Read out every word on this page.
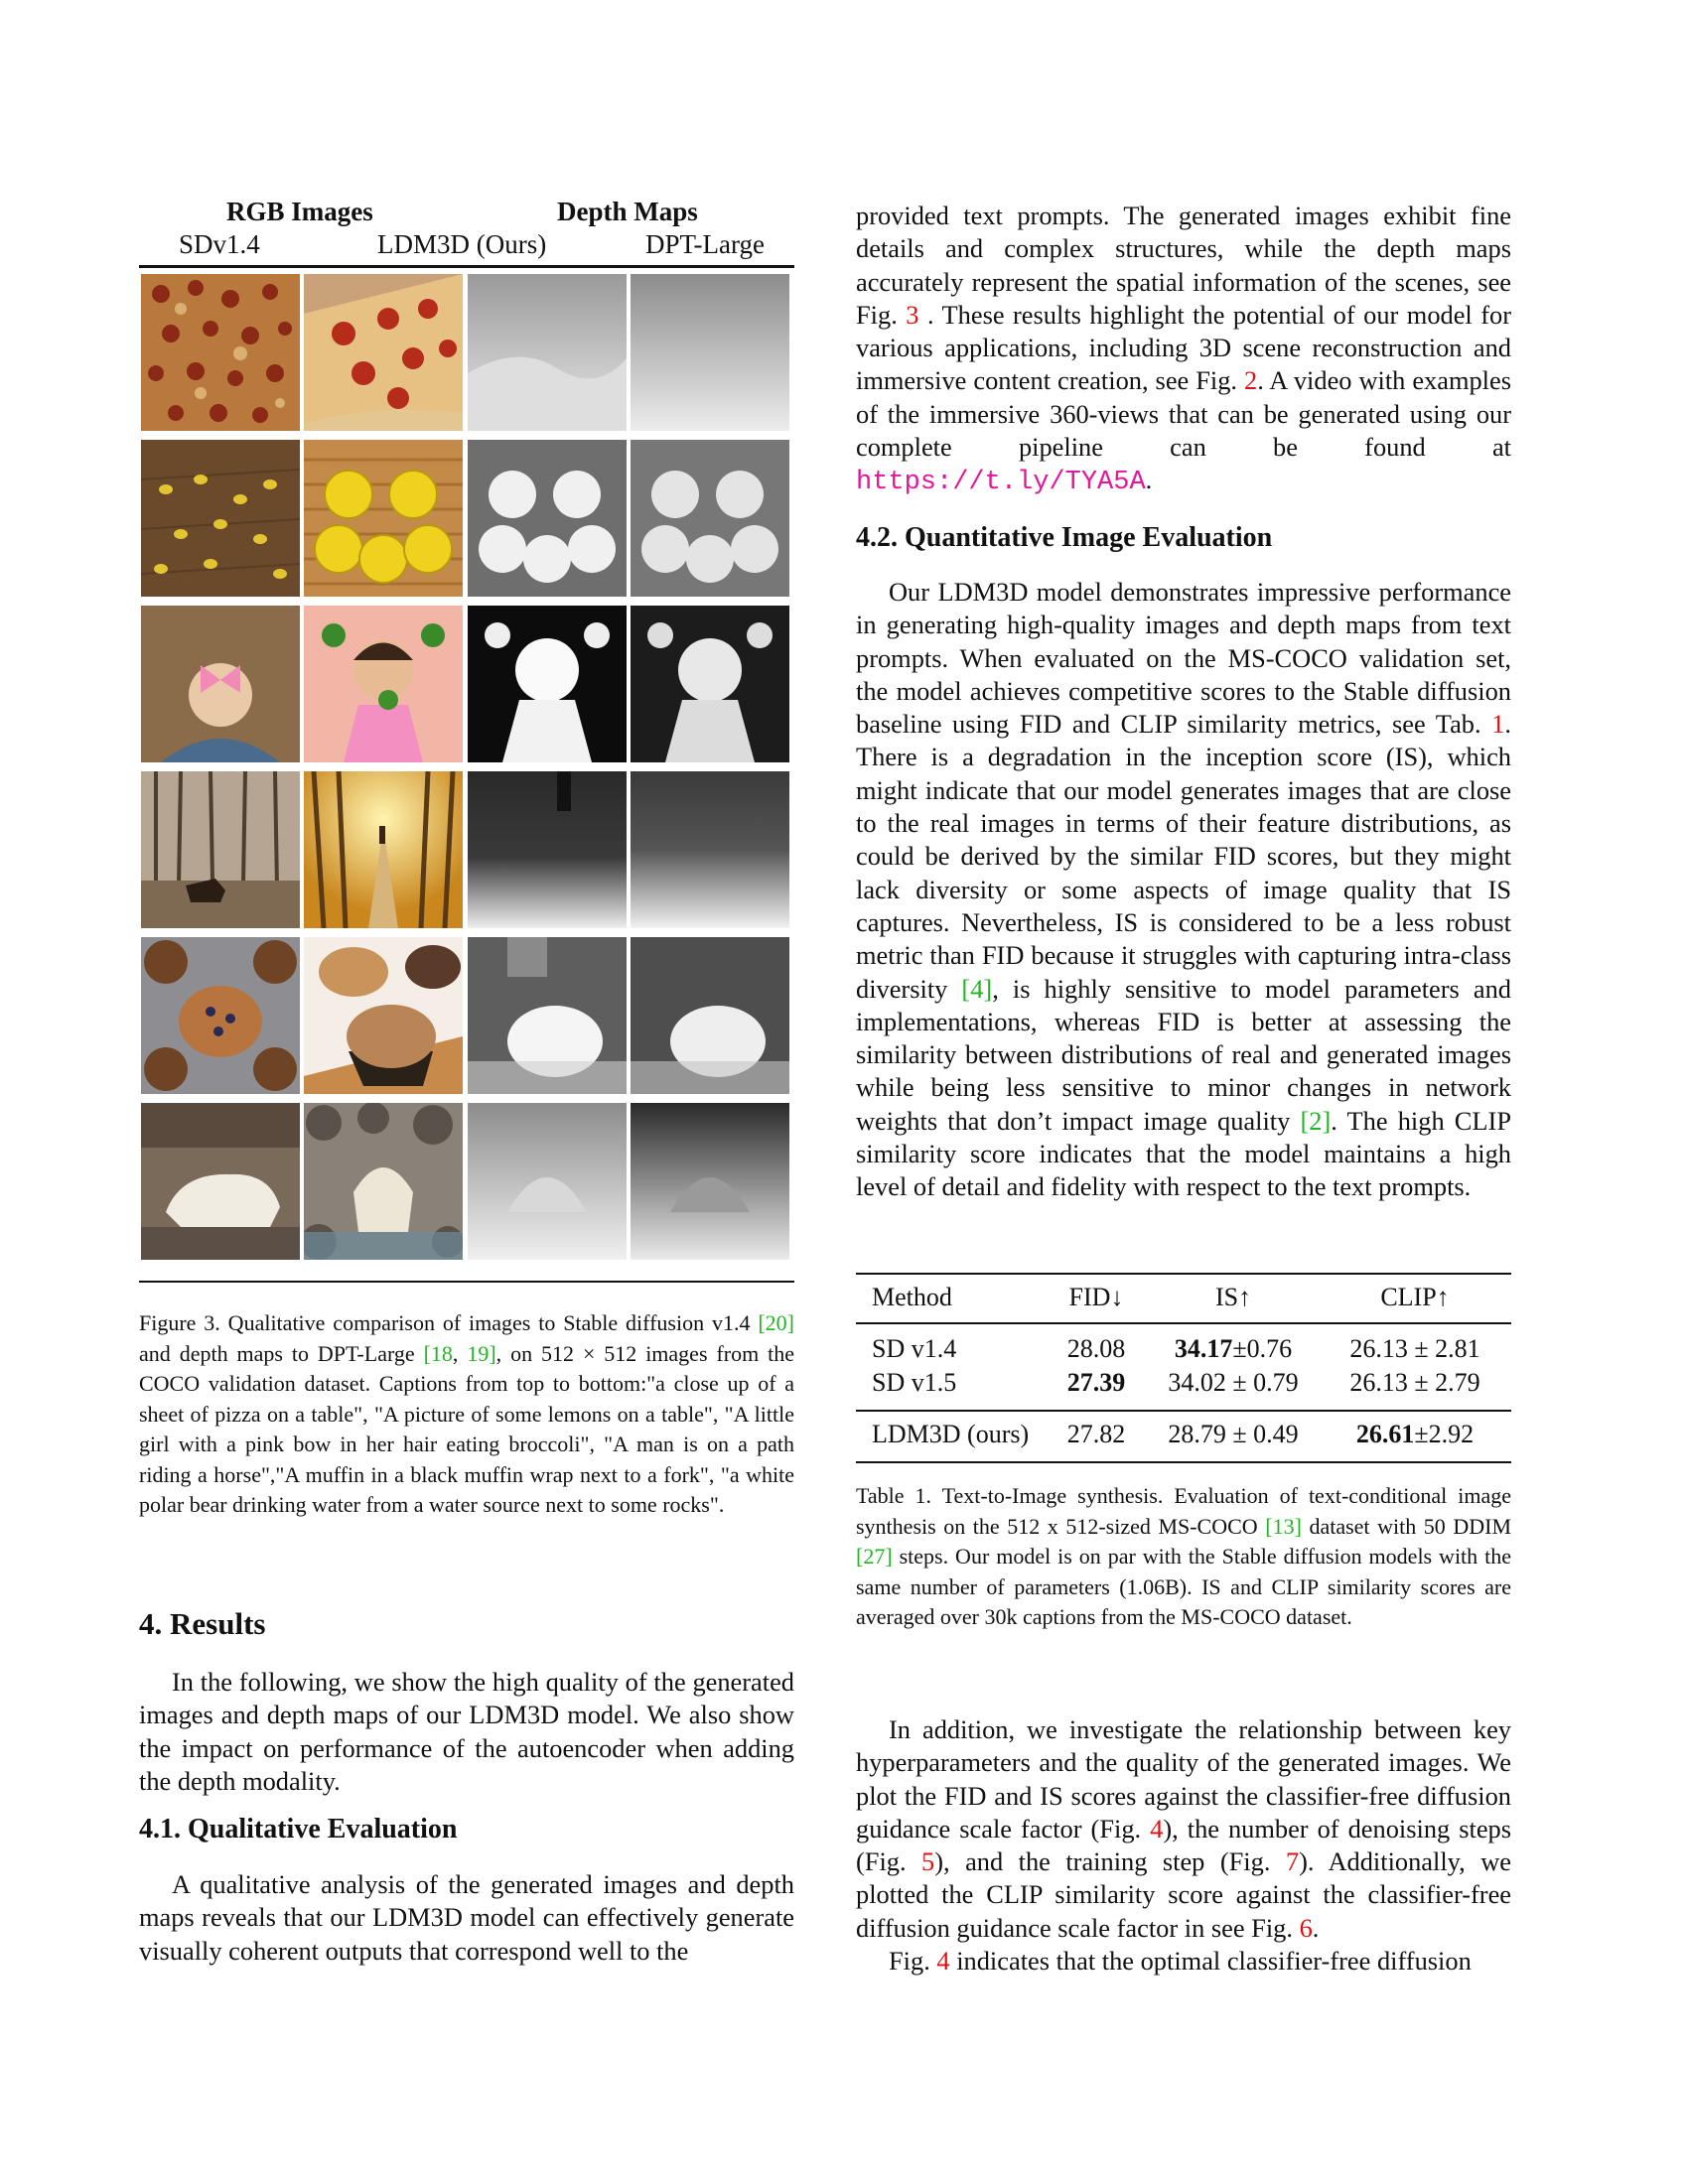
RGB Images	Depth Maps
SDv1.4	LDM3D (Ours)	DPT-Large
Figure 3. Qualitative comparison of images to Stable diffusion v1.4 [20] and depth maps to DPT-Large [18, 19], on 512 × 512 images from the COCO validation dataset. Captions from top to bottom:"a close up of a sheet of pizza on a table", "A picture of some lemons on a table", "A little girl with a pink bow in her hair eating broccoli", "A man is on a path riding a horse","A muffin in a black muffin wrap next to a fork", "a white polar bear drinking water from a water source next to some rocks".
4. Results

In the following, we show the high quality of the generated images and depth maps of our LDM3D model. We also show the impact on performance of the autoencoder when adding the depth modality.

4.1. Qualitative Evaluation

A qualitative analysis of the generated images and depth maps reveals that our LDM3D model can effectively generate visually coherent outputs that correspond well to the

provided text prompts. The generated images exhibit fine details and complex structures, while the depth maps accurately represent the spatial information of the scenes, see Fig. 3 . These results highlight the potential of our model for various applications, including 3D scene reconstruction and immersive content creation, see Fig. 2. A video with examples of the immersive 360-views that can be generated using our complete pipeline can be found at https://t.ly/TYA5A.

4.2. Quantitative Image Evaluation

Our LDM3D model demonstrates impressive performance in generating high-quality images and depth maps from text prompts. When evaluated on the MS-COCO validation set, the model achieves competitive scores to the Stable diffusion baseline using FID and CLIP similarity metrics, see Tab. 1. There is a degradation in the inception score (IS), which might indicate that our model generates images that are close to the real images in terms of their feature distributions, as could be derived by the similar FID scores, but they might lack diversity or some aspects of image quality that IS captures. Nevertheless, IS is considered to be a less robust metric than FID because it struggles with capturing intra-class diversity [4], is highly sensitive to model parameters and implementations, whereas FID is better at assessing the similarity between distributions of real and generated images while being less sensitive to minor changes in network weights that don’t impact image quality [2]. The high CLIP similarity score indicates that the model maintains a high level of detail and fidelity with respect to the text prompts.

Method	FID↓	IS↑	CLIP↑
SD v1.4	28.08	34.17±0.76	26.13 ± 2.81
SD v1.5	27.39	34.02 ± 0.79	26.13 ± 2.79
LDM3D (ours)	27.82	28.79 ± 0.49	26.61±2.92
Table 1. Text-to-Image synthesis. Evaluation of text-conditional image synthesis on the 512 x 512-sized MS-COCO [13] dataset with 50 DDIM [27] steps. Our model is on par with the Stable diffusion models with the same number of parameters (1.06B). IS and CLIP similarity scores are averaged over 30k captions from the MS-COCO dataset.

In addition, we investigate the relationship between key hyperparameters and the quality of the generated images. We plot the FID and IS scores against the classifier-free diffusion guidance scale factor (Fig. 4), the number of denoising steps (Fig. 5), and the training step (Fig. 7). Additionally, we plotted the CLIP similarity score against the classifier-free diffusion guidance scale factor in see Fig. 6.

Fig. 4 indicates that the optimal classifier-free diffusion
